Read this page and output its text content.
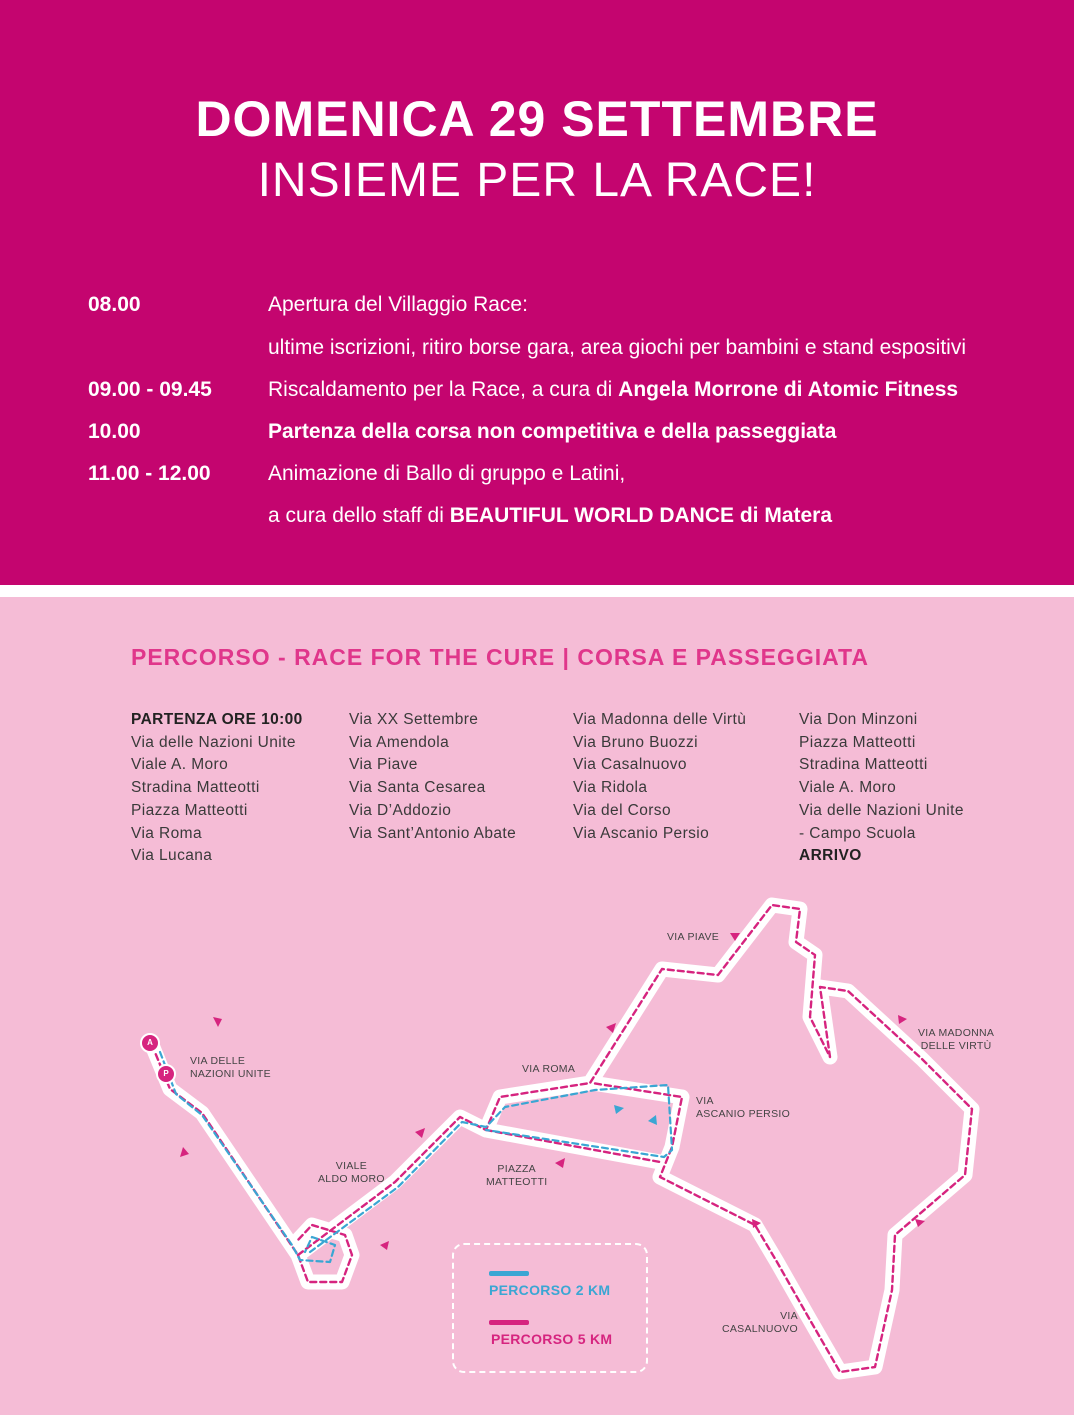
DOMENICA 29 SETTEMBRE
INSIEME PER LA RACE!
08.00	Apertura del Villaggio Race:
ultime iscrizioni, ritiro borse gara, area giochi per bambini e stand espositivi
09.00 - 09.45	Riscaldamento per la Race, a cura di Angela Morrone di Atomic Fitness
10.00	Partenza della corsa non competitiva e della passeggiata
11.00 - 12.00	Animazione di Ballo di gruppo e Latini,
a cura dello staff di BEAUTIFUL WORLD DANCE di Matera
PERCORSO - RACE FOR THE CURE | CORSA E PASSEGGIATA
PARTENZA ORE 10:00
Via delle Nazioni Unite
Viale A. Moro
Stradina Matteotti
Piazza Matteotti
Via Roma
Via Lucana
Via XX Settembre
Via Amendola
Via Piave
Via Santa Cesarea
Via D’Addozio
Via Sant’Antonio Abate
Via Madonna delle Virtù
Via Bruno Buozzi
Via Casalnuovo
Via Ridola
Via del Corso
Via Ascanio Persio
Via Don Minzoni
Piazza Matteotti
Stradina Matteotti
Viale A. Moro
Via delle Nazioni Unite
- Campo Scuola
ARRIVO
A
P
VIA PIAVE
VIA MADONNA
DELLE VIRTÙ
VIA DELLE
NAZIONI UNITE	VIA ROMA
VIA
ASCANIO PERSIO
VIALE
ALDO MORO
PIAZZA
MATTEOTTI
VIA
CASALNUOVO
PERCORSO 2 KM
PERCORSO 5 KM
